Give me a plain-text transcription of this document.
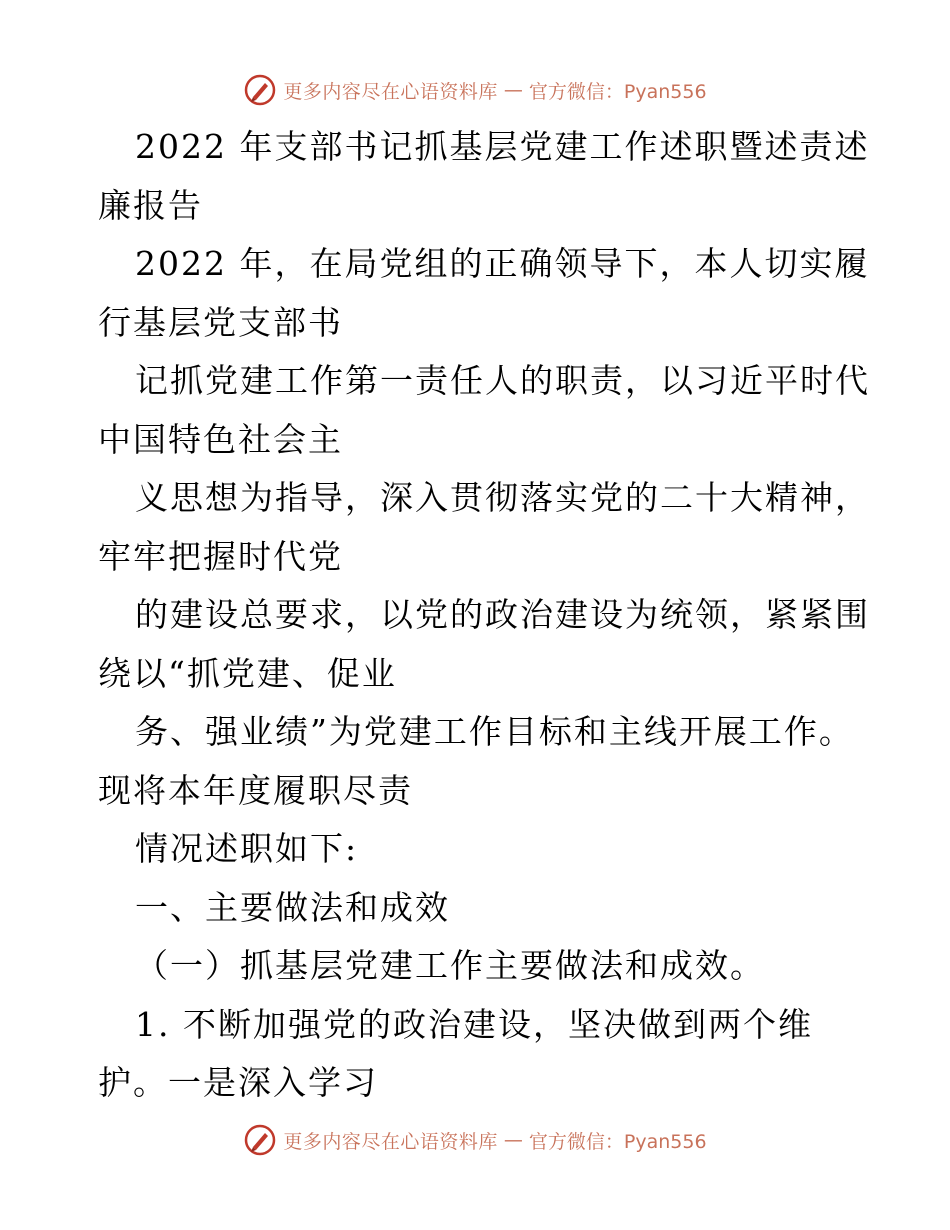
更多内容尽在心语资料库 — 官方微信：Pyan556
2022 年支部书记抓基层党建工作述职暨述责述
廉报告
2022 年，在局党组的正确领导下，本人切实履
行基层党支部书
记抓党建工作第一责任人的职责，以习近平时代
中国特色社会主
义思想为指导，深入贯彻落实党的二十大精神，
牢牢把握时代党
的建设总要求，以党的政治建设为统领，紧紧围
绕以“抓党建、促业
务、强业绩”为党建工作目标和主线开展工作。
现将本年度履职尽责
情况述职如下:
一、主要做法和成效
（一）抓基层党建工作主要做法和成效。
1. 不断加强党的政治建设，坚决做到两个维
护。一是深入学习
更多内容尽在心语资料库 — 官方微信：Pyan556
